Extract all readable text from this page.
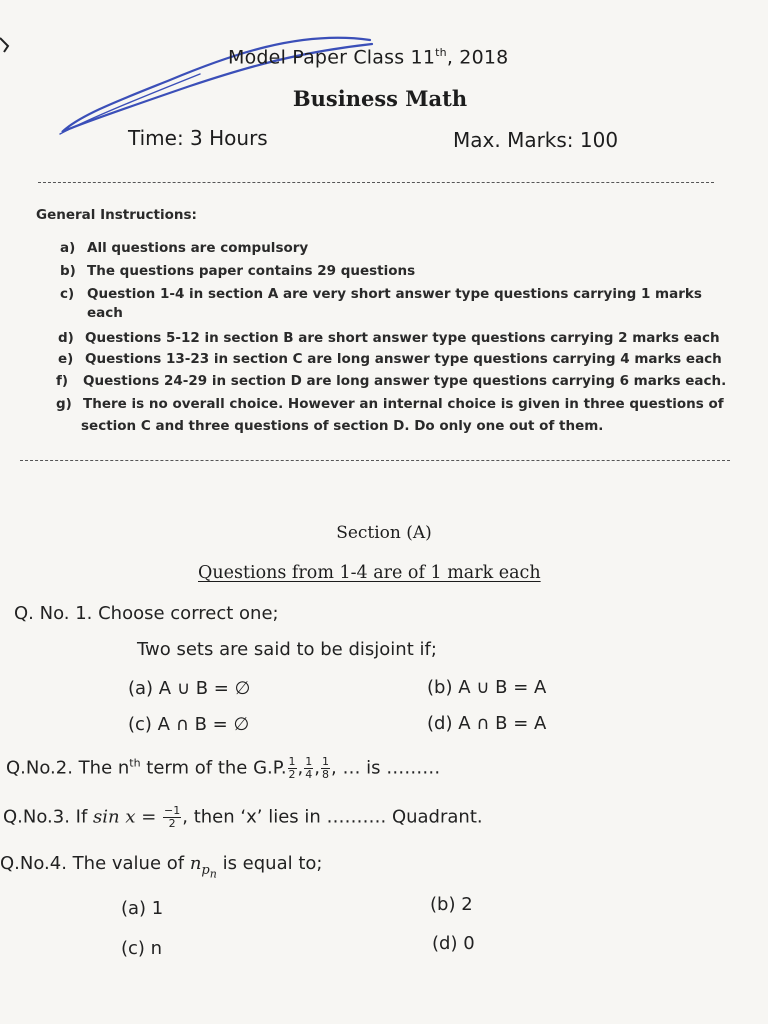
Model Paper Class 11th, 2018
Business Math
Time: 3 Hours	Max. Marks: 100
General Instructions:
a) All questions are compulsory
b) The questions paper contains 29 questions
c) Question 1-4 in section A are very short answer type questions carrying 1 marks
each
d) Questions 5-12 in section B are short answer type questions carrying 2 marks each
e) Questions 13-23 in section C are long answer type questions carrying 4 marks each
f) Questions 24-29 in section D are long answer type questions carrying 6 marks each.
g) There is no overall choice. However an internal choice is given in three questions of
section C and three questions of section D. Do only one out of them.
Section (A)
Questions from 1-4 are of 1 mark each
Q. No. 1. Choose correct one;
Two sets are said to be disjoint if;
(a) A ∪ B = ∅	(b) A ∪ B = A
(c) A ∩ B = ∅	(d) A ∩ B = A
Q.No.2. The $n^{th}$ term of the G.P. $\frac{1}{2}$ , $\frac{1}{4}$ , $\frac{1}{8}$ , … is ………
Q.No.3. If $\sin x = \frac{-1}{2}$ , then ‘x’ lies in ………. Quadrant.
Q.No.4. The value of $n_{p_n}$ is equal to;
(a) 1	(b) 2
(c) n	(d) 0
